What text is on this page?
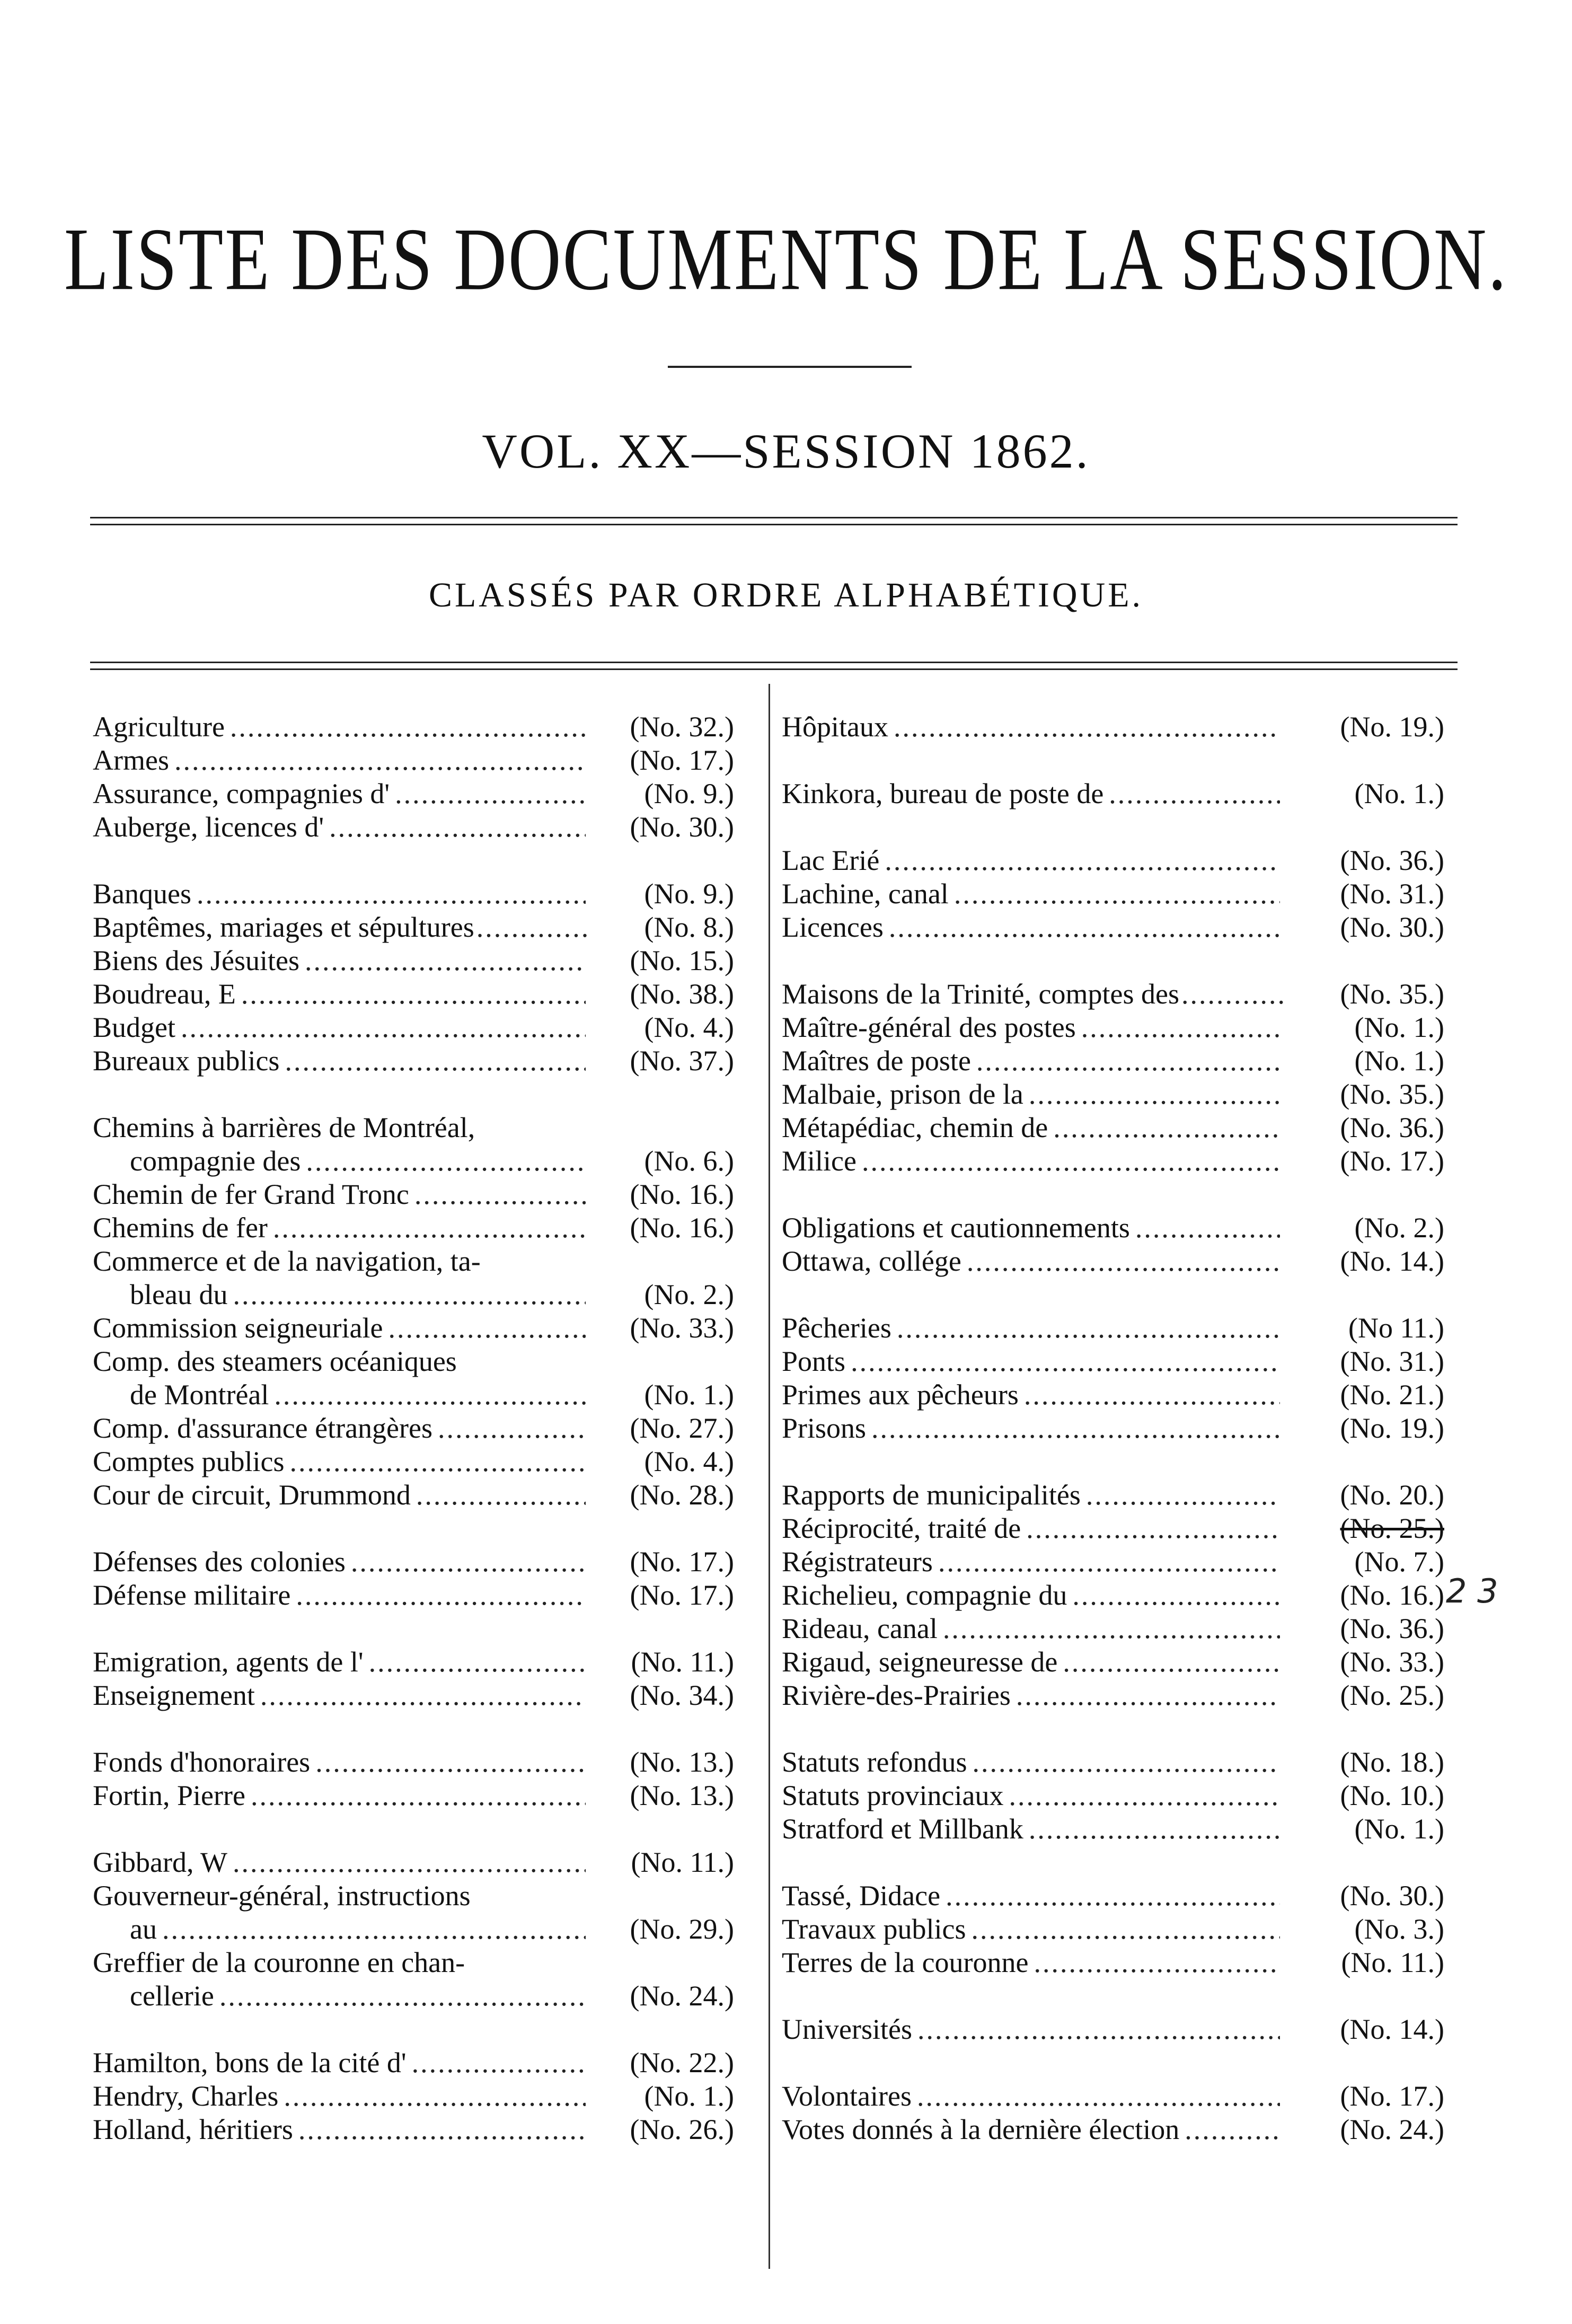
LISTE DES DOCUMENTS DE LA SESSION.
VOL. XX—SESSION 1862.
CLASSÉS PAR ORDRE ALPHABÉTIQUE.
Agriculture .....	(No. 32.)
Armes .....	(No. 17.)
Assurance, compagnies d' .....	(No. 9.)
Auberge, licences d' .....	(No. 30.)
Banques .....	(No. 9.)
Baptêmes, mariages et sépultures .....	(No. 8.)
Biens des Jésuites .....	(No. 15.)
Boudreau, E .....	(No. 38.)
Budget .....	(No. 4.)
Bureaux publics .....	(No. 37.)
Chemins à barrières de Montréal,
compagnie des .....	(No. 6.)
Chemin de fer Grand Tronc .....	(No. 16.)
Chemins de fer .....	(No. 16.)
Commerce et de la navigation, ta-
bleau du .....	(No. 2.)
Commission seigneuriale .....	(No. 33.)
Comp. des steamers océaniques
de Montréal .....	(No. 1.)
Comp. d'assurance étrangères .....	(No. 27.)
Comptes publics .....	(No. 4.)
Cour de circuit, Drummond .....	(No. 28.)
Défenses des colonies .....	(No. 17.)
Défense militaire .....	(No. 17.)
Emigration, agents de l' .....	(No. 11.)
Enseignement .....	(No. 34.)
Fonds d'honoraires .....	(No. 13.)
Fortin, Pierre .....	(No. 13.)
Gibbard, W .....	(No. 11.)
Gouverneur-général, instructions
au .....	(No. 29.)
Greffier de la couronne en chan-
cellerie .....	(No. 24.)
Hamilton, bons de la cité d' .....	(No. 22.)
Hendry, Charles .....	(No. 1.)
Holland, héritiers .....	(No. 26.)
Hôpitaux .....	(No. 19.)
Kinkora, bureau de poste de .....	(No. 1.)
Lac Erié .....	(No. 36.)
Lachine, canal .....	(No. 31.)
Licences .....	(No. 30.)
Maisons de la Trinité, comptes des .....	(No. 35.)
Maître-général des postes .....	(No. 1.)
Maîtres de poste .....	(No. 1.)
Malbaie, prison de la .....	(No. 35.)
Métapédiac, chemin de .....	(No. 36.)
Milice .....	(No. 17.)
Obligations et cautionnements .....	(No. 2.)
Ottawa, collége .....	(No. 14.)
Pêcheries .....	(No 11.)
Ponts .....	(No. 31.)
Primes aux pêcheurs .....	(No. 21.)
Prisons .....	(No. 19.)
Rapports de municipalités .....	(No. 20.)
Réciprocité, traité de .....	(No. 25.)
Régistrateurs .....	(No. 7.)
Richelieu, compagnie du .....	(No. 16.)
Rideau, canal .....	(No. 36.)
Rigaud, seigneuresse de .....	(No. 33.)
Rivière-des-Prairies .....	(No. 25.)
Statuts refondus .....	(No. 18.)
Statuts provinciaux .....	(No. 10.)
Stratford et Millbank .....	(No. 1.)
Tassé, Didace .....	(No. 30.)
Travaux publics .....	(No. 3.)
Terres de la couronne .....	(No. 11.)
Universités .....	(No. 14.)
Volontaires .....	(No. 17.)
Votes donnés à la dernière élection .....	(No. 24.)
2 3
